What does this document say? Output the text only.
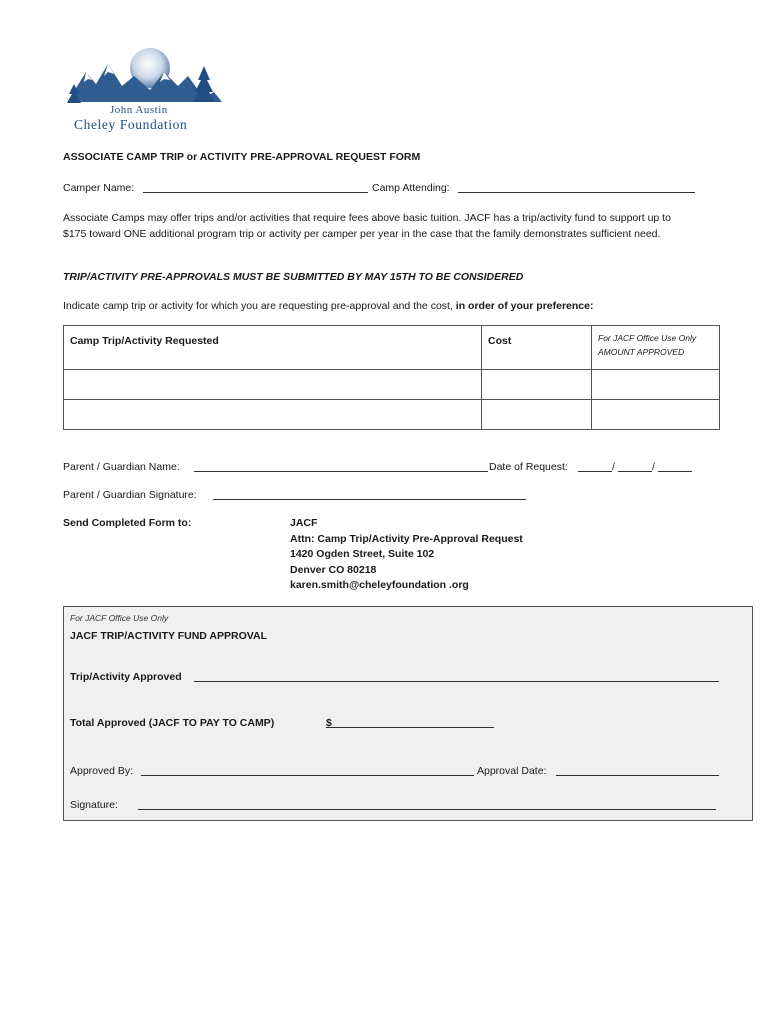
John Austin
Cheley Foundation
ASSOCIATE CAMP TRIP or ACTIVITY PRE-APPROVAL REQUEST FORM
Camper Name:	Camp Attending:
Associate Camps may offer trips and/or activities that require fees above basic tuition. JACF has a trip/activity fund to support up to $175 toward ONE additional program trip or activity per camper per year in the case that the family demonstrates sufficient need.
TRIP/ACTIVITY PRE-APPROVALS MUST BE SUBMITTED BY MAY 15TH TO BE CONSIDERED
Indicate camp trip or activity for which you are requesting pre-approval and the cost, in order of your preference:
Camp Trip/Activity Requested	Cost	For JACF Office Use Only
AMOUNT APPROVED

Parent / Guardian Name:	Date of Request:	/	/
Parent / Guardian Signature:
Send Completed Form to:	JACF
Attn: Camp Trip/Activity Pre-Approval Request
1420 Ogden Street, Suite 102
Denver CO 80218
karen.smith@cheleyfoundation .org
For JACF Office Use Only
JACF TRIP/ACTIVITY FUND APPROVAL
Trip/Activity Approved
Total Approved (JACF TO PAY TO CAMP)	$
Approved By:	Approval Date:
Signature:
